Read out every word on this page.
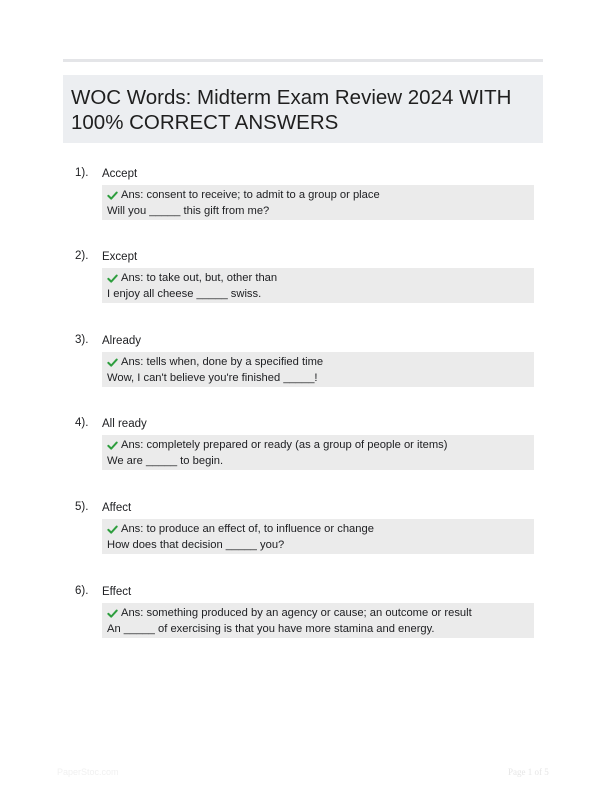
WOC Words: Midterm Exam Review 2024 WITH 100% CORRECT ANSWERS
1). Accept
Ans: consent to receive; to admit to a group or place
Will you _____ this gift from me?
2). Except
Ans: to take out, but, other than
I enjoy all cheese _____ swiss.
3). Already
Ans: tells when, done by a specified time
Wow, I can't believe you're finished _____!
4). All ready
Ans: completely prepared or ready (as a group of people or items)
We are _____ to begin.
5). Affect
Ans: to produce an effect of, to influence or change
How does that decision _____ you?
6). Effect
Ans: something produced by an agency or cause; an outcome or result
An _____ of exercising is that you have more stamina and energy.
PaperStoc.com	Page 1 of 5
